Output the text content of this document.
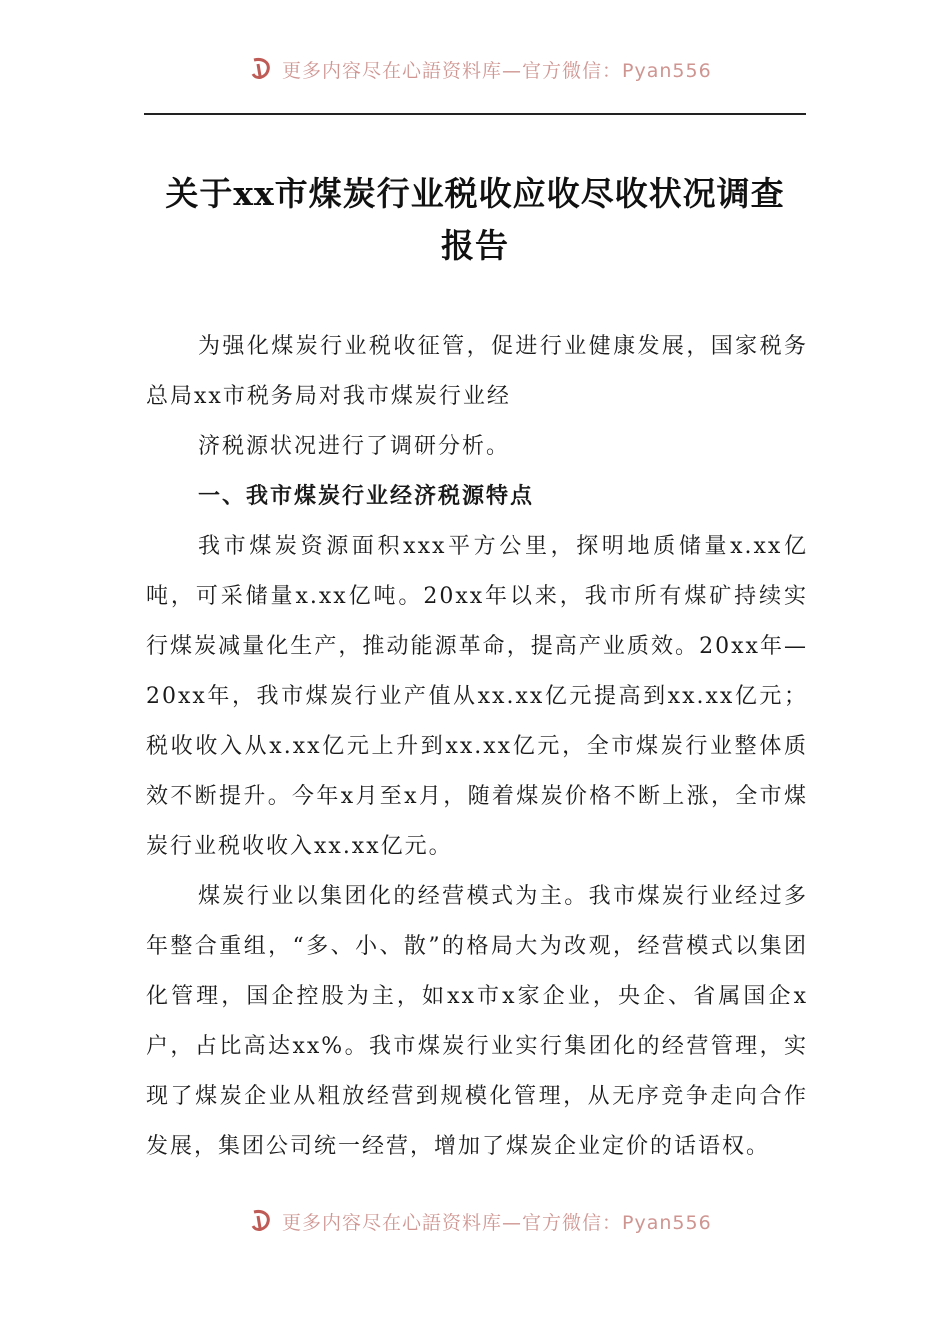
更多内容尽在心語资料库—官方微信：Pyan556
关于xx市煤炭行业税收应收尽收状况调查
报告

为强化煤炭行业税收征管，促进行业健康发展，国家税务总局xx市税务局对我市煤炭行业经

济税源状况进行了调研分析。

一、我市煤炭行业经济税源特点

我市煤炭资源面积xxx平方公里，探明地质储量x.xx亿吨，可采储量x.xx亿吨。20xx年以来，我市所有煤矿持续实行煤炭减量化生产，推动能源革命，提高产业质效。20xx年—20xx年，我市煤炭行业产值从xx.xx亿元提高到xx.xx亿元；税收收入从x.xx亿元上升到xx.xx亿元，全市煤炭行业整体质效不断提升。今年x月至x月，随着煤炭价格不断上涨，全市煤炭行业税收收入xx.xx亿元。

煤炭行业以集团化的经营模式为主。我市煤炭行业经过多年整合重组，“多、小、散”的格局大为改观，经营模式以集团化管理，国企控股为主，如xx市x家企业，央企、省属国企x户，占比高达xx%。我市煤炭行业实行集团化的经营管理，实现了煤炭企业从粗放经营到规模化管理，从无序竞争走向合作发展，集团公司统一经营，增加了煤炭企业定价的话语权。

更多内容尽在心語资料库—官方微信：Pyan556
